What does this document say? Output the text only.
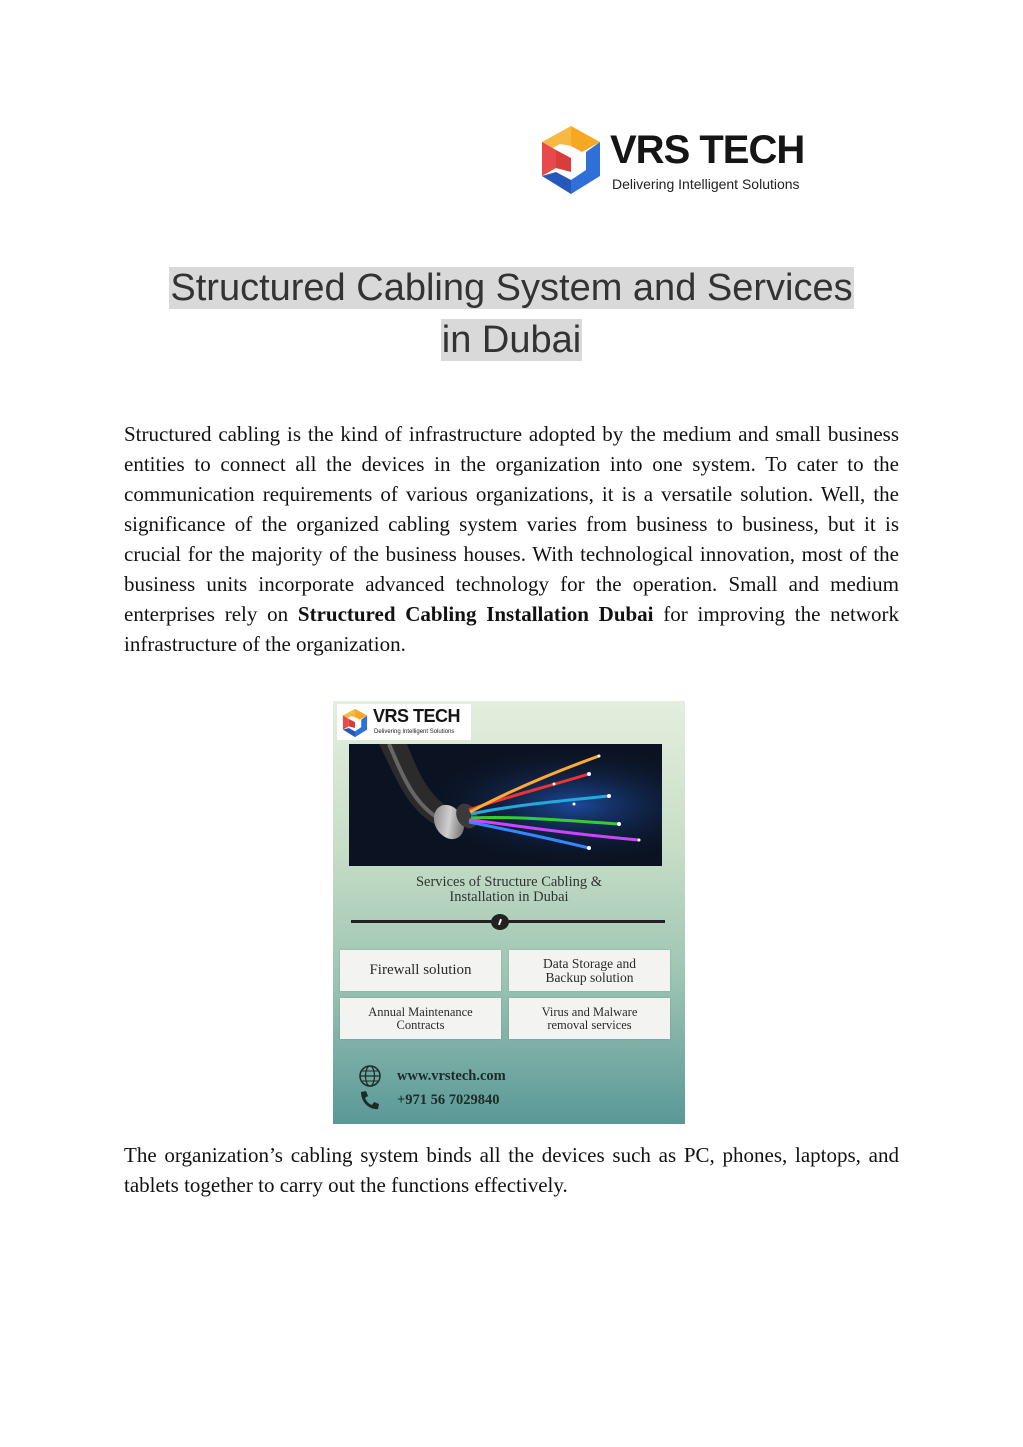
VRS TECH
Delivering Intelligent Solutions
Structured Cabling System and Services
in Dubai

Structured cabling is the kind of infrastructure adopted by the medium and small business entities to connect all the devices in the organization into one system. To cater to the communication requirements of various organizations, it is a versatile solution. Well, the significance of the organized cabling system varies from business to business, but it is crucial for the majority of the business houses. With technological innovation, most of the business units incorporate advanced technology for the operation. Small and medium enterprises rely on Structured Cabling Installation Dubai for improving the network infrastructure of the organization.

VRS TECH
Delivering Intelligent Solutions
Services of Structure Cabling &
Installation in Dubai
Firewall solution	Data Storage and
Backup solution
Annual Maintenance
Contracts
Virus and Malware
removal services
www.vrstech.com
+971 56 7029840

The organization’s cabling system binds all the devices such as PC, phones, laptops, and tablets together to carry out the functions effectively.
